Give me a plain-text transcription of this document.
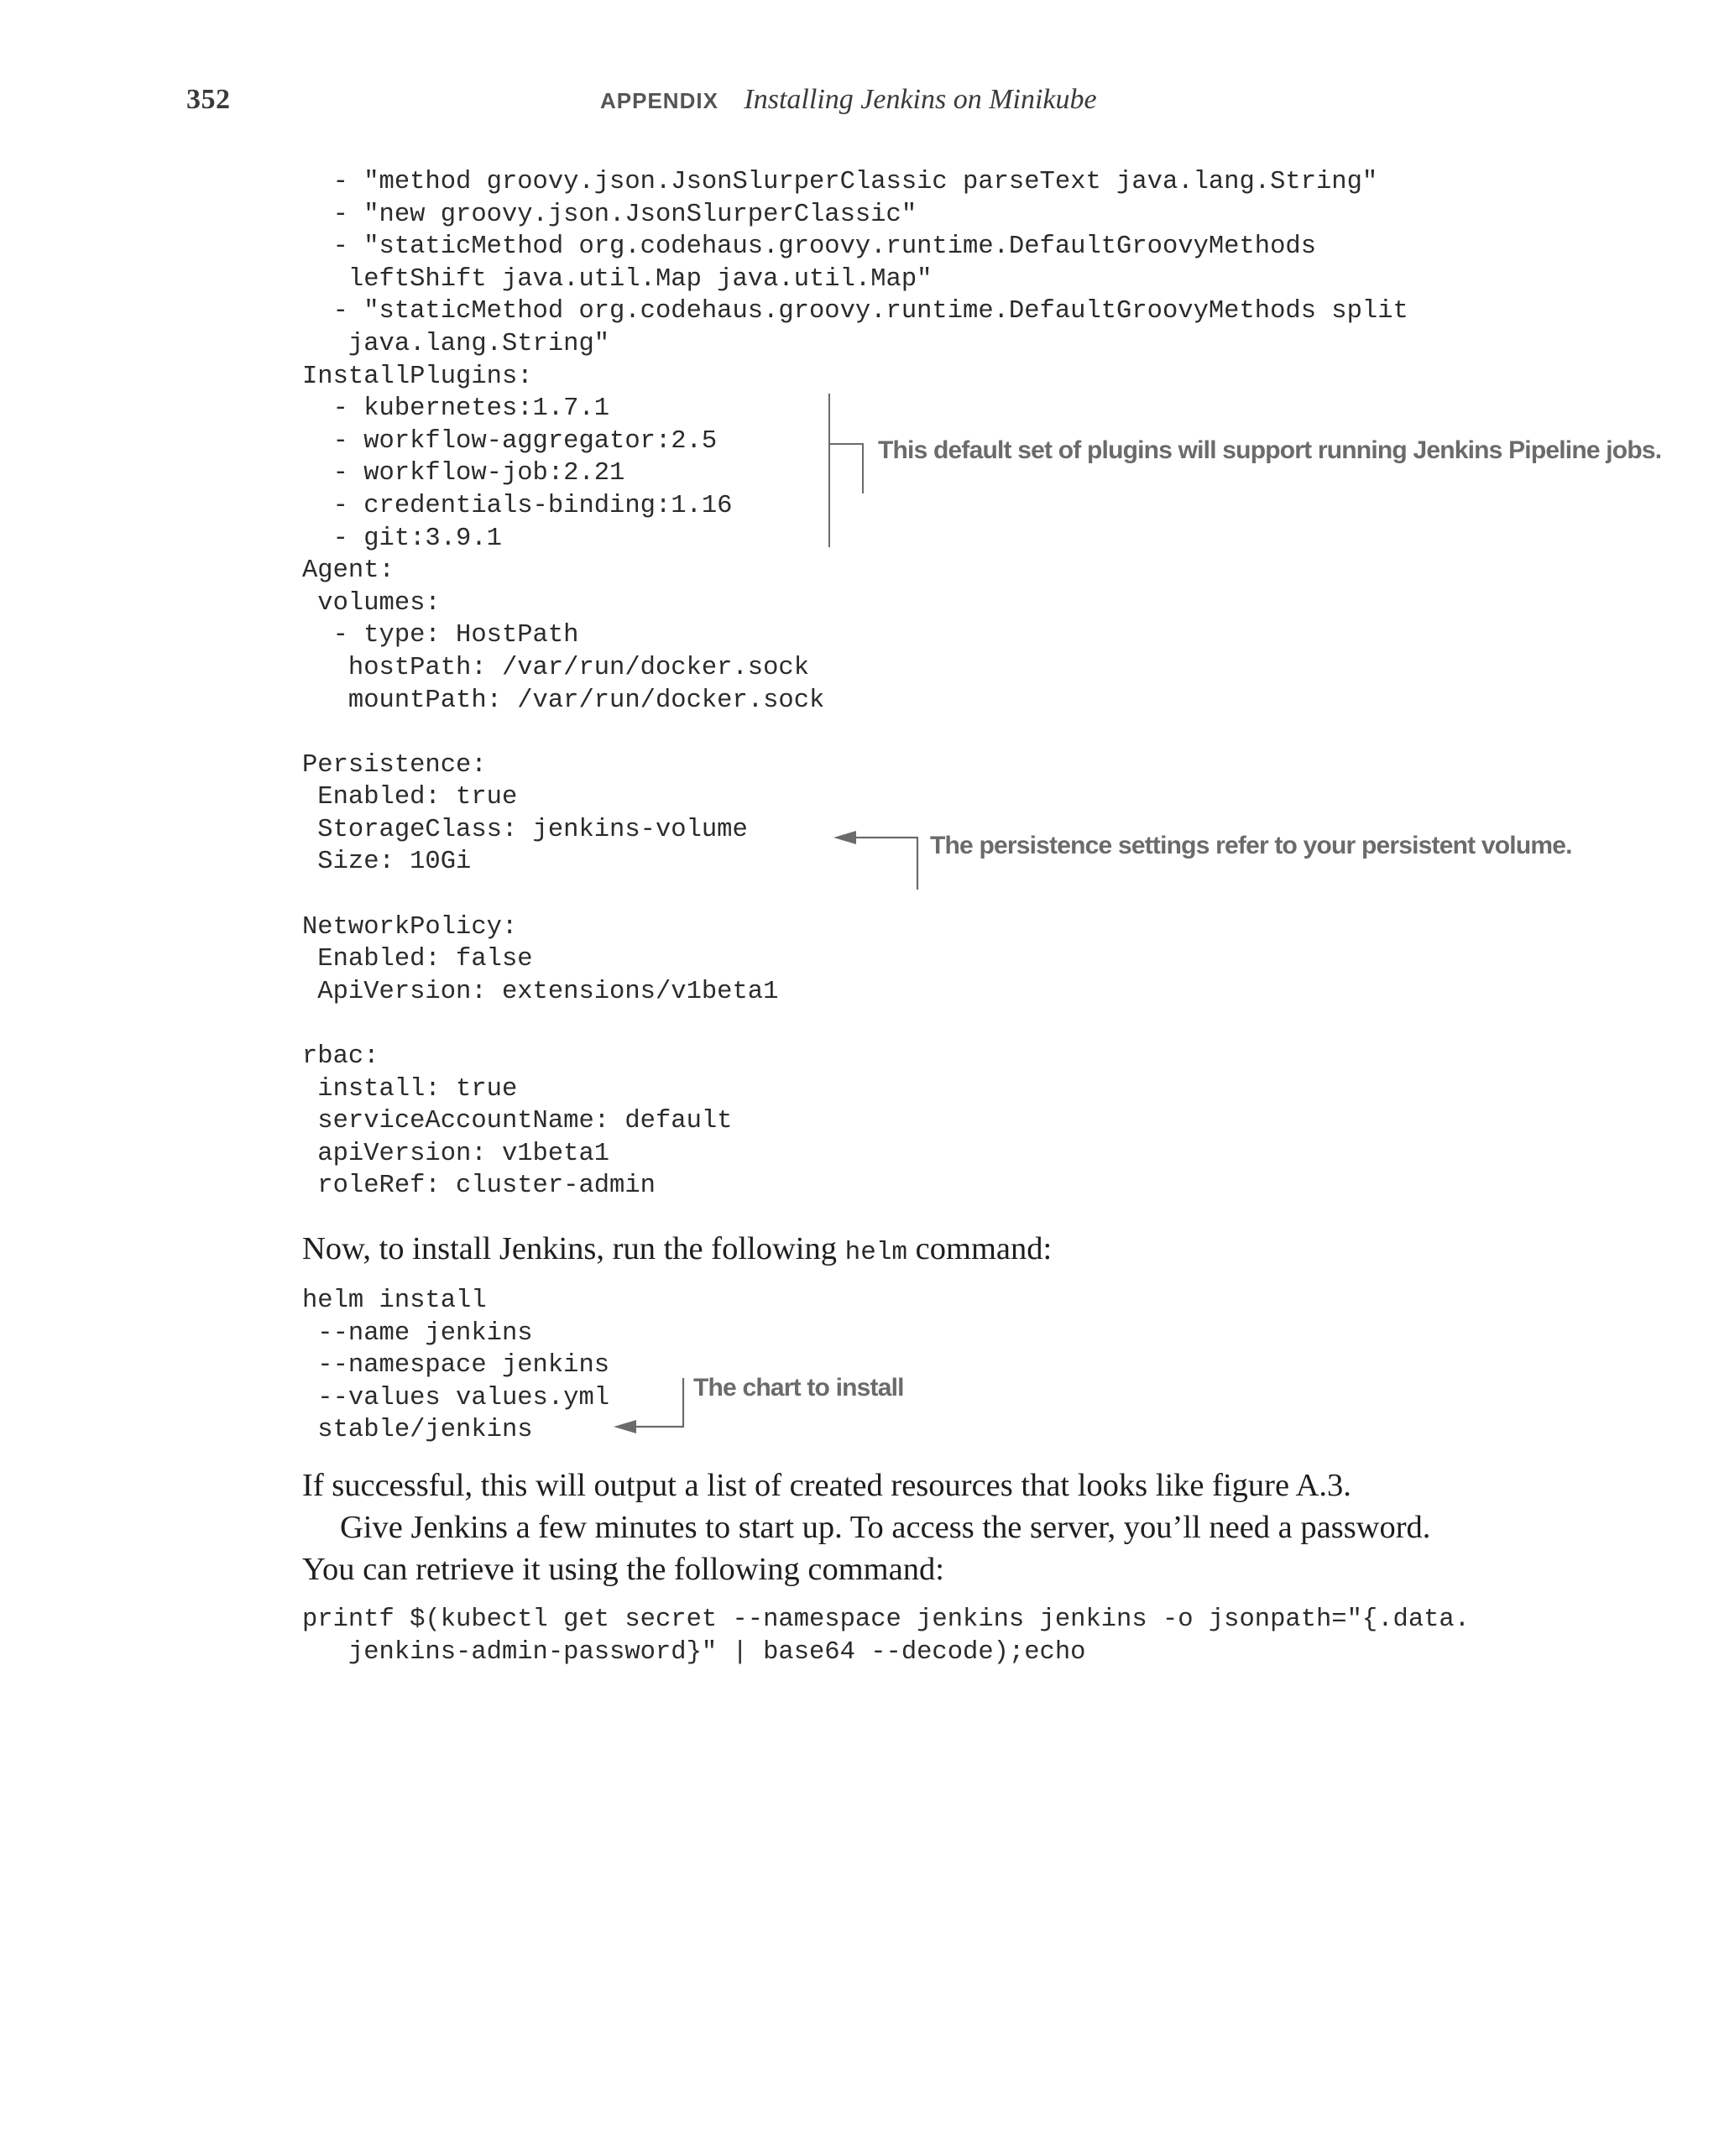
352	APPENDIX Installing Jenkins on Minikube
- "method groovy.json.JsonSlurperClassic parseText java.lang.String"
- "new groovy.json.JsonSlurperClassic"
- "staticMethod org.codehaus.groovy.runtime.DefaultGroovyMethods
leftShift java.util.Map java.util.Map"
- "staticMethod org.codehaus.groovy.runtime.DefaultGroovyMethods split
java.lang.String"
InstallPlugins:
- kubernetes:1.7.1
- workflow-aggregator:2.5
- workflow-job:2.21
- credentials-binding:1.16
- git:3.9.1
Agent:
volumes:
- type: HostPath
hostPath: /var/run/docker.sock
mountPath: /var/run/docker.sock

Persistence:
Enabled: true
StorageClass: jenkins-volume
Size: 10Gi

NetworkPolicy:
Enabled: false
ApiVersion: extensions/v1beta1

rbac:
install: true
serviceAccountName: default
apiVersion: v1beta1
roleRef: cluster-admin
This default set of plugins will support running Jenkins Pipeline jobs.
The persistence settings refer to your persistent volume.

Now, to install Jenkins, run the following helm command:

helm install
--name jenkins
--namespace jenkins
--values values.yml
stable/jenkins
The chart to install

If successful, this will output a list of created resources that looks like figure A.3.

Give Jenkins a few minutes to start up. To access the server, you’ll need a password.

You can retrieve it using the following command:

printf $(kubectl get secret --namespace jenkins jenkins -o jsonpath="{.data.
jenkins-admin-password}" | base64 --decode);echo
